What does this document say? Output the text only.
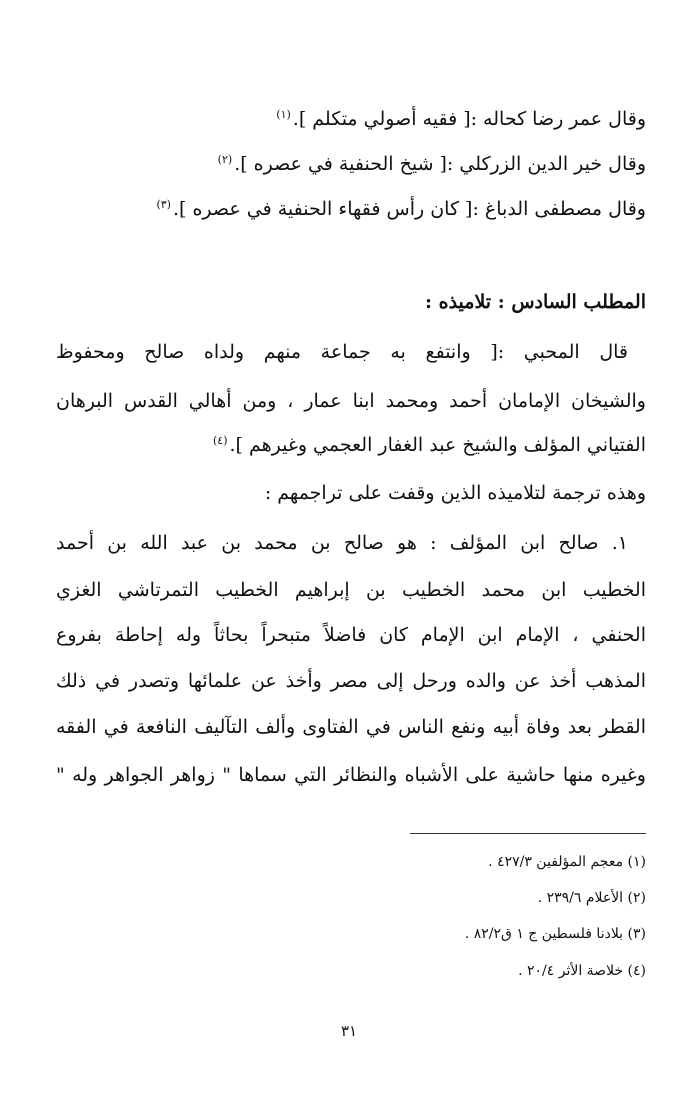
وقال عمر رضا كحاله :[ فقيه أصولي متكلم ].$^{(١)}$
وقال خير الدين الزركلي :[ شيخ الحنفية في عصره ].$^{(٢)}$
وقال مصطفى الدباغ :[ كان رأس فقهاء الحنفية في عصره ].$^{(٣)}$
المطلب السادس : تلاميذه :
قال المحبي :[ وانتفع به جماعة منهم ولداه صالح ومحفوظ
والشيخان الإمامان أحمد ومحمد ابنا عمار ، ومن أهالي القدس البرهان
الفتياني المؤلف والشيخ عبد الغفار العجمي وغيرهم ].$^{(٤)}$
وهذه ترجمة لتلاميذه الذين وقفت على تراجمهم :
١. صالح ابن المؤلف : هو صالح بن محمد بن عبد الله بن أحمد
الخطيب ابن محمد الخطيب بن إبراهيم الخطيب التمرتاشي الغزي
الحنفي ، الإمام ابن الإمام كان فاضلاً متبحراً بحاثاً وله إحاطة بفروع
المذهب أخذ عن والده ورحل إلى مصر وأخذ عن علمائها وتصدر في ذلك
القطر بعد وفاة أبيه ونفع الناس في الفتاوى وألف التآليف النافعة في الفقه
وغيره منها حاشية على الأشباه والنظائر التي سماها " زواهر الجواهر وله "
(١) معجم المؤلفين ٤٢٧/٣ .
(٢) الأعلام ٢٣٩/٦ .
(٣) بلادنا فلسطين ج ١ ق٨٢/٢ .
(٤) خلاصة الأثر ٢٠/٤ .
٣١
